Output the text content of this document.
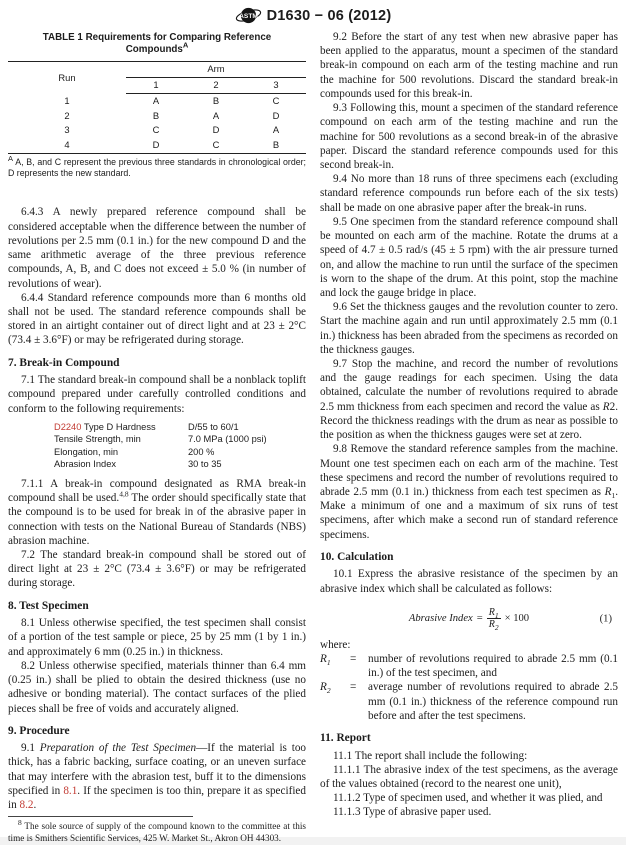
ASTM D1630 − 06 (2012)
TABLE 1 Requirements for Comparing Reference Compounds$^A$
Run	Arm		
	1	2	3
1	A	B	C
2	B	A	D
3	C	D	A
4	D	C	B
$^A$ A, B, and C represent the previous three standards in chronological order; D represents the new standard.

6.4.3 A newly prepared reference compound shall be considered acceptable when the difference between the number of revolutions per 2.5 mm (0.1 in.) for the new compound D and the same arithmetic average of the three previous reference compounds, A, B, and C does not exceed ± 5.0 % (in number of revolutions of wear).

6.4.4 Standard reference compounds more than 6 months old shall not be used. The standard reference compounds shall be stored in an airtight container out of direct light and at 23 ± 2°C (73.4 ± 3.6°F) or may be refrigerated during storage.

7. Break-in Compound

7.1 The standard break-in compound shall be a nonblack toplift compound prepared under carefully controlled conditions and conform to the following requirements:

D2240 Type D Hardness	D/55 to 60/1
Tensile Strength, min	7.0 MPa (1000 psi)
Elongation, min	200 %
Abrasion Index	30 to 35

7.1.1 A break-in compound designated as RMA break-in compound shall be used.$^{4,8}$ The order should specifically state that the compound is to be used for break in of the abrasive paper in connection with tests on the National Bureau of Standards (NBS) abrasion machine.

7.2 The standard break-in compound shall be stored out of direct light at 23 ± 2°C (73.4 ± 3.6°F) or may be refrigerated during storage.

8. Test Specimen

8.1 Unless otherwise specified, the test specimen shall consist of a portion of the test sample or piece, 25 by 25 mm (1 by 1 in.) and approximately 6 mm (0.25 in.) in thickness.

8.2 Unless otherwise specified, materials thinner than 6.4 mm (0.25 in.) shall be plied to obtain the desired thickness (use no adhesive or bonding material). The contact surfaces of the plied pieces shall be free of voids and accurately aligned.

9. Procedure

9.1 Preparation of the Test Specimen—If the material is too thick, has a fabric backing, surface coating, or an uneven surface that may interfere with the abrasion test, buff it to the dimensions specified in 8.1. If the specimen is too thin, prepare it as specified in 8.2.

$^8$ The sole source of supply of the compound known to the committee at this time is Smithers Scientific Services, 425 W. Market St., Akron OH 44303.

9.2 Before the start of any test when new abrasive paper has been applied to the apparatus, mount a specimen of the standard break-in compound on each arm of the testing machine and run the machine for 500 revolutions. Discard the standard break-in compounds used for this break-in.

9.3 Following this, mount a specimen of the standard reference compound on each arm of the testing machine and run the machine for 500 revolutions as a second break-in of the abrasive paper. Discard the standard reference compounds used for this second break-in.

9.4 No more than 18 runs of three specimens each (excluding standard reference compounds run before each of the six tests) shall be made on one abrasive paper after the break-in runs.

9.5 One specimen from the standard reference compound shall be mounted on each arm of the machine. Rotate the drums at a speed of 4.7 ± 0.5 rad/s (45 ± 5 rpm) with the air pressure turned on, and allow the machine to run until the surface of the specimen is worn to the shape of the drum. At this point, stop the machine and lock the gauge bridge in place.

9.6 Set the thickness gauges and the revolution counter to zero. Start the machine again and run until approximately 2.5 mm (0.1 in.) thickness has been abraded from the specimens as recorded on the thickness gauges.

9.7 Stop the machine, and record the number of revolutions and the gauge readings for each specimen. Using the data obtained, calculate the number of revolutions required to abrade 2.5 mm thickness from each specimen and record the value as R2. Record the thickness readings with the drum as near as possible to the position as when the thickness gauges were set at zero.

9.8 Remove the standard reference samples from the machine. Mount one test specimen each on each arm of the machine. Test these specimens and record the number of revolutions required to abrade 2.5 mm (0.1 in.) thickness from each test specimen as $R_1$. Make a minimum of one and a maximum of six runs of test specimens, after which make a second run of standard reference specimens.

10. Calculation

10.1 Express the abrasive resistance of the specimen by an abrasive index which shall be calculated as follows:

Abrasive Index = $\frac{R_1}{R_2} \times 100$	(1)

where:

$R_1$	=	number of revolutions required to abrade 2.5 mm (0.1 in.) of the test specimen, and
$R_2$	=	average number of revolutions required to abrade 2.5 mm (0.1 in.) thickness of the reference compound run before and after the test specimens.
11. Report

11.1 The report shall include the following:

11.1.1 The abrasive index of the test specimens, as the average of the values obtained (record to the nearest one unit),

11.1.2 Type of specimen used, and whether it was plied, and

11.1.3 Type of abrasive paper used.
